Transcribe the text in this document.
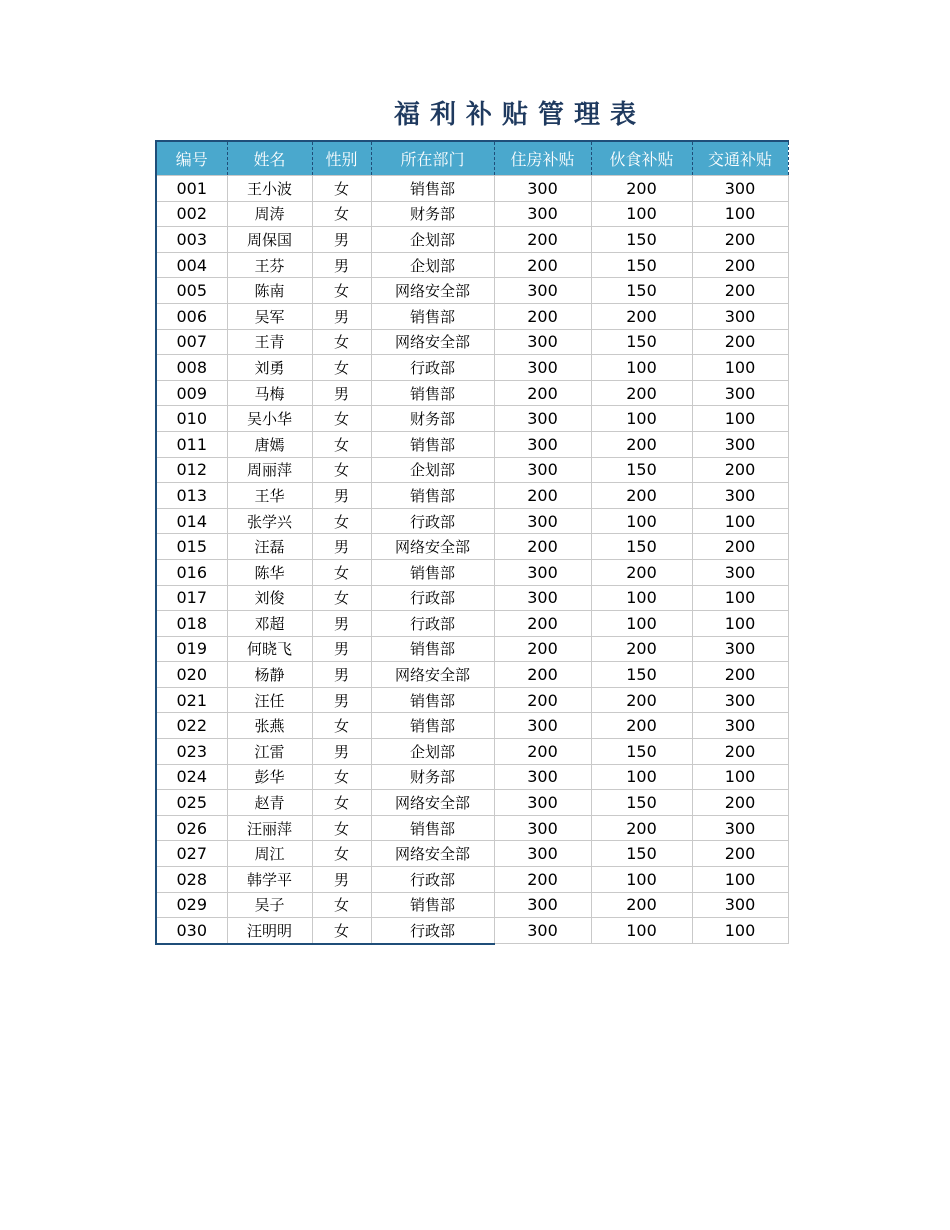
福利补贴管理表
编号	姓名	性别	所在部门	住房补贴	伙食补贴	交通补贴
001	王小波	女	销售部	300	200	300
002	周涛	女	财务部	300	100	100
003	周保国	男	企划部	200	150	200
004	王芬	男	企划部	200	150	200
005	陈南	女	网络安全部	300	150	200
006	吴军	男	销售部	200	200	300
007	王青	女	网络安全部	300	150	200
008	刘勇	女	行政部	300	100	100
009	马梅	男	销售部	200	200	300
010	吴小华	女	财务部	300	100	100
011	唐嫣	女	销售部	300	200	300
012	周丽萍	女	企划部	300	150	200
013	王华	男	销售部	200	200	300
014	张学兴	女	行政部	300	100	100
015	汪磊	男	网络安全部	200	150	200
016	陈华	女	销售部	300	200	300
017	刘俊	女	行政部	300	100	100
018	邓超	男	行政部	200	100	100
019	何晓飞	男	销售部	200	200	300
020	杨静	男	网络安全部	200	150	200
021	汪任	男	销售部	200	200	300
022	张燕	女	销售部	300	200	300
023	江雷	男	企划部	200	150	200
024	彭华	女	财务部	300	100	100
025	赵青	女	网络安全部	300	150	200
026	汪丽萍	女	销售部	300	200	300
027	周江	女	网络安全部	300	150	200
028	韩学平	男	行政部	200	100	100
029	吴子	女	销售部	300	200	300
030	汪明明	女	行政部	300	100	100
